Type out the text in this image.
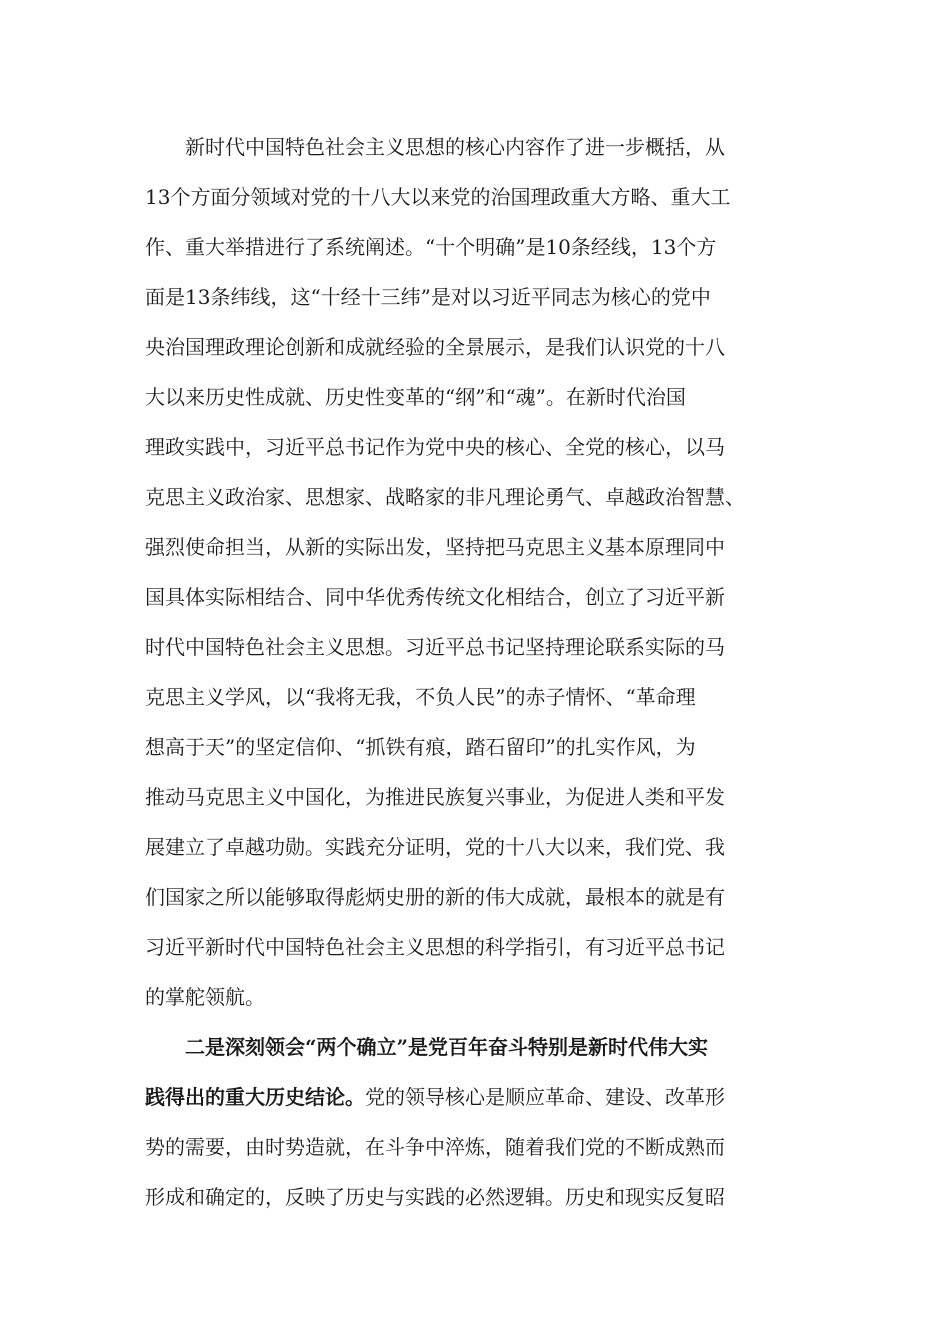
新时代中国特色社会主义思想的核心内容作了进一步概括，从
13个方面分领域对党的十八大以来党的治国理政重大方略、重大工
作、重大举措进行了系统阐述。“十个明确”是10条经线，13个方
面是13条纬线，这“十经十三纬”是对以习近平同志为核心的党中
央治国理政理论创新和成就经验的全景展示，是我们认识党的十八
大以来历史性成就、历史性变革的“纲”和“魂”。在新时代治国
理政实践中，习近平总书记作为党中央的核心、全党的核心，以马
克思主义政治家、思想家、战略家的非凡理论勇气、卓越政治智慧、
强烈使命担当，从新的实际出发，坚持把马克思主义基本原理同中
国具体实际相结合、同中华优秀传统文化相结合，创立了习近平新
时代中国特色社会主义思想。习近平总书记坚持理论联系实际的马
克思主义学风，以“我将无我，不负人民”的赤子情怀、“革命理
想高于天”的坚定信仰、“抓铁有痕，踏石留印”的扎实作风，为
推动马克思主义中国化，为推进民族复兴事业，为促进人类和平发
展建立了卓越功勋。实践充分证明，党的十八大以来，我们党、我
们国家之所以能够取得彪炳史册的新的伟大成就，最根本的就是有
习近平新时代中国特色社会主义思想的科学指引，有习近平总书记
的掌舵领航。
二是深刻领会“两个确立”是党百年奋斗特别是新时代伟大实
践得出的重大历史结论。党的领导核心是顺应革命、建设、改革形
势的需要，由时势造就，在斗争中淬炼，随着我们党的不断成熟而
形成和确定的，反映了历史与实践的必然逻辑。历史和现实反复昭
